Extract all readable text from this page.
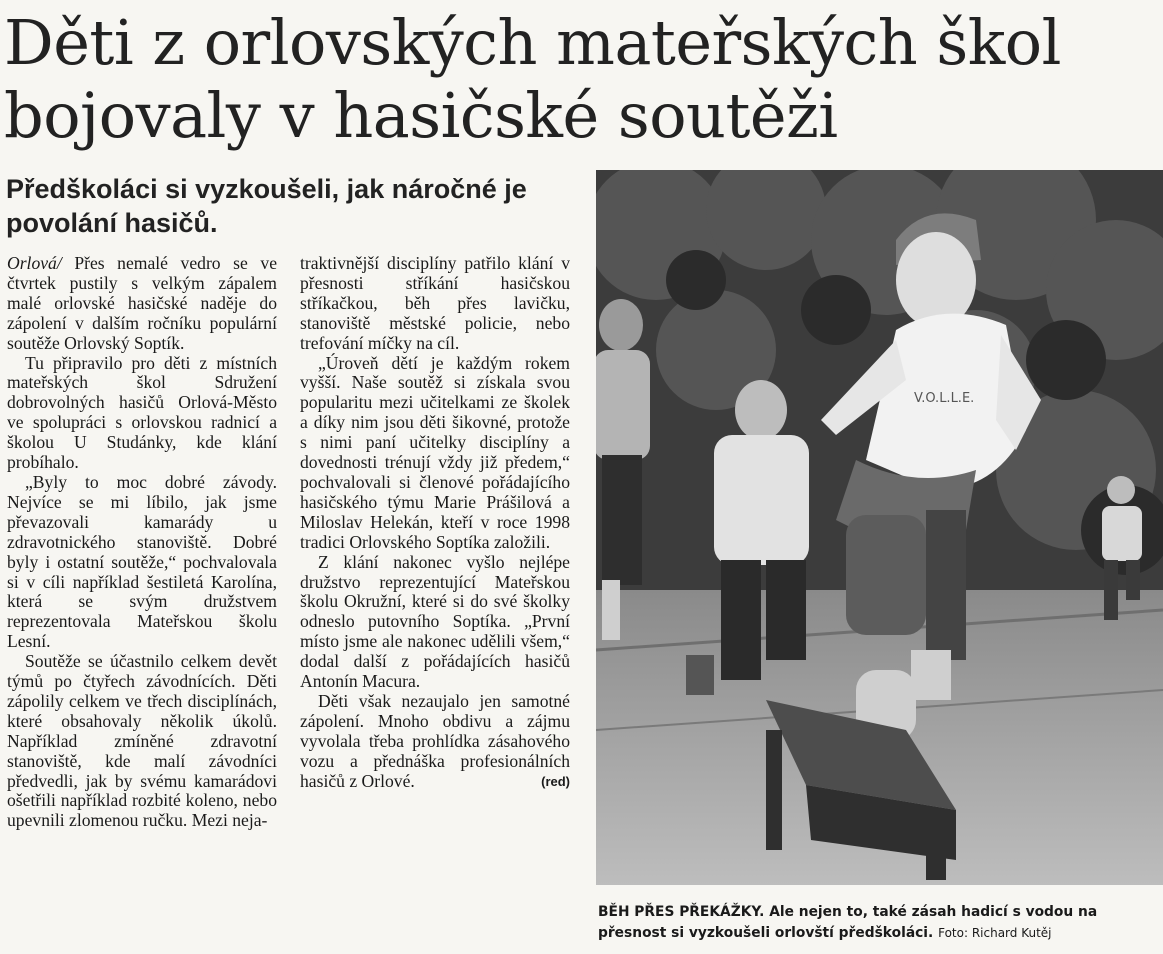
Děti z orlovských mateřských škol bojovaly v hasičské soutěži
Předškoláci si vyzkoušeli, jak náročné je povolání hasičů.

Orlová/ Přes nemalé vedro se ve čtvrtek pustily s velkým zápalem malé orlovské hasičské naděje do zápolení v dalším ročníku populární soutěže Orlovský Soptík.

Tu připravilo pro děti z místních mateřských škol Sdružení dobrovolných hasičů Orlová-Město ve spolupráci s orlovskou radnicí a školou U Studánky, kde klání probíhalo.

„Byly to moc dobré závody. Nejvíce se mi líbilo, jak jsme převazovali kamarády u zdravotnického stanoviště. Dobré byly i ostatní soutěže,“ pochvalovala si v cíli například šestiletá Karolína, která se svým družstvem reprezentovala Mateřskou školu Lesní.

Soutěže se účastnilo celkem devět týmů po čtyřech závodnících. Děti zápolily celkem ve třech disciplínách, které obsahovaly několik úkolů. Například zmíněné zdravotní stanoviště, kde malí závodníci předvedli, jak by svému kamarádovi ošetřili například rozbité koleno, nebo upevnili zlomenou ručku. Mezi neja-

traktivnější disciplíny patřilo klání v přesnosti stříkání hasičskou stříkačkou, běh přes lavičku, stanoviště městské policie, nebo trefování míčky na cíl.

„Úroveň dětí je každým rokem vyšší. Naše soutěž si získala svou popularitu mezi učitelkami ze školek a díky nim jsou děti šikovné, protože s nimi paní učitelky disciplíny a dovednosti trénují vždy již předem,“ pochvalovali si členové pořádajícího hasičského týmu Marie Prášilová a Miloslav Helekán, kteří v roce 1998 tradici Orlovského Soptíka založili.

Z klání nakonec vyšlo nejlépe družstvo reprezentující Mateřskou školu Okružní, které si do své školky odneslo putovního Soptíka. „První místo jsme ale nakonec udělili všem,“ dodal další z pořádajících hasičů Antonín Macura.

Děti však nezaujalo jen samotné zápolení. Mnoho obdivu a zájmu vyvolala třeba prohlídka zásahového vozu a přednáška profesionálních hasičů z Orlové.	(red)

V.O.L.L.E.

BĚH PŘES PŘEKÁŽKY. Ale nejen to, také zásah hadicí s vodou na přesnost si vyzkoušeli orlovští předškoláci. Foto: Richard Kutěj
